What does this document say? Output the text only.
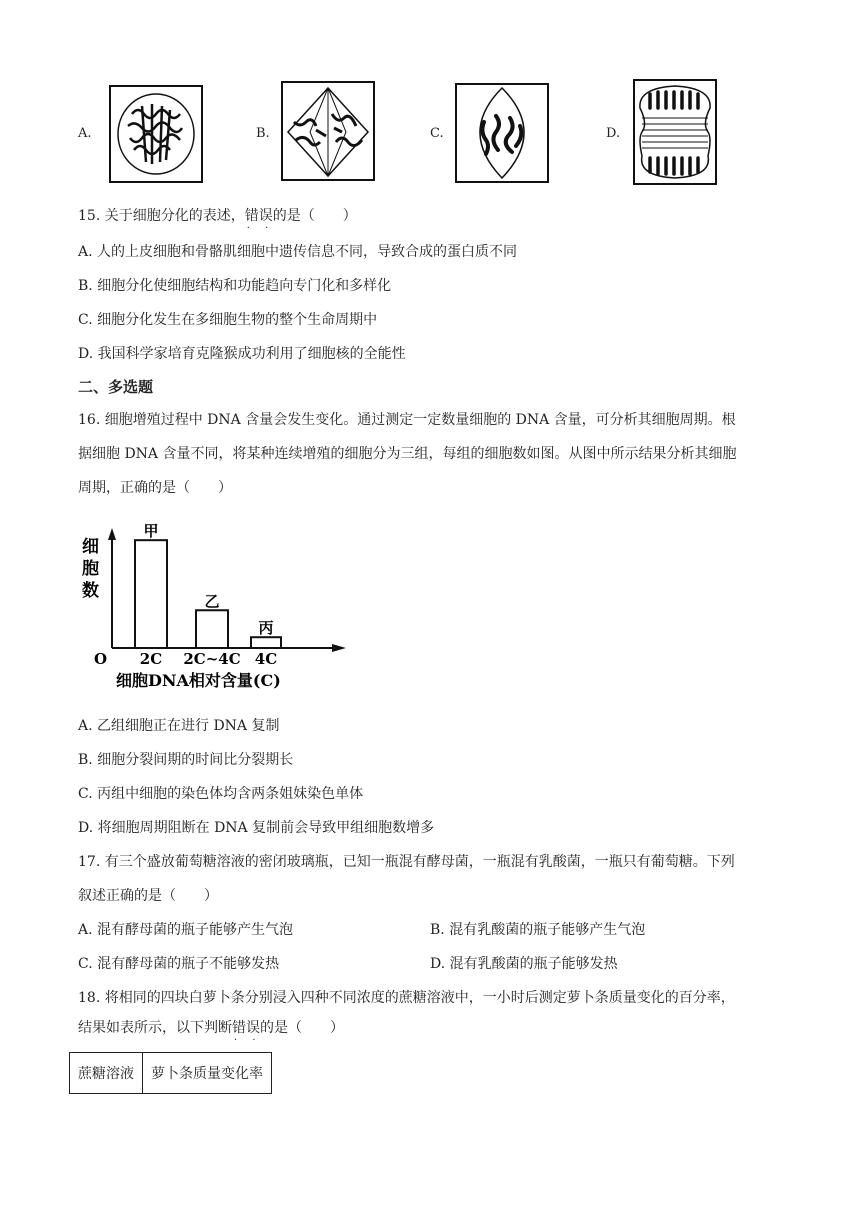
A.	B.	C.	D.
15. 关于细胞分化的表述，错误 · ·的是（　　）
A. 人的上皮细胞和骨骼肌细胞中遗传信息不同，导致合成的蛋白质不同
B. 细胞分化使细胞结构和功能趋向专门化和多样化
C. 细胞分化发生在多细胞生物的整个生命周期中
D. 我国科学家培育克隆猴成功利用了细胞核的全能性
二、多选题
16. 细胞增殖过程中 DNA 含量会发生变化。通过测定一定数量细胞的 DNA 含量，可分析其细胞周期。根
据细胞 DNA 含量不同，将某种连续增殖的细胞分为三组，每组的细胞数如图。从图中所示结果分析其细胞
周期，正确的是（　　）
O
细
胞
数
甲
2C
乙
2C~4C
丙
4C
细胞DNA相对含量(C)
A. 乙组细胞正在进行 DNA 复制
B. 细胞分裂间期的时间比分裂期长
C. 丙组中细胞的染色体均含两条姐妹染色单体
D. 将细胞周期阻断在 DNA 复制前会导致甲组细胞数增多
17. 有三个盛放葡萄糖溶液的密闭玻璃瓶，已知一瓶混有酵母菌，一瓶混有乳酸菌，一瓶只有葡萄糖。下列
叙述正确的是（　　）
A. 混有酵母菌的瓶子能够产生气泡	B. 混有乳酸菌的瓶子能够产生气泡
C. 混有酵母菌的瓶子不能够发热	D. 混有乳酸菌的瓶子能够发热
18. 将相同的四块白萝卜条分别浸入四种不同浓度的蔗糖溶液中，一小时后测定萝卜条质量变化的百分率，
结果如表所示，以下判断错误 · ·的是（　　）
蔗糖溶液	萝卜条质量变化率
